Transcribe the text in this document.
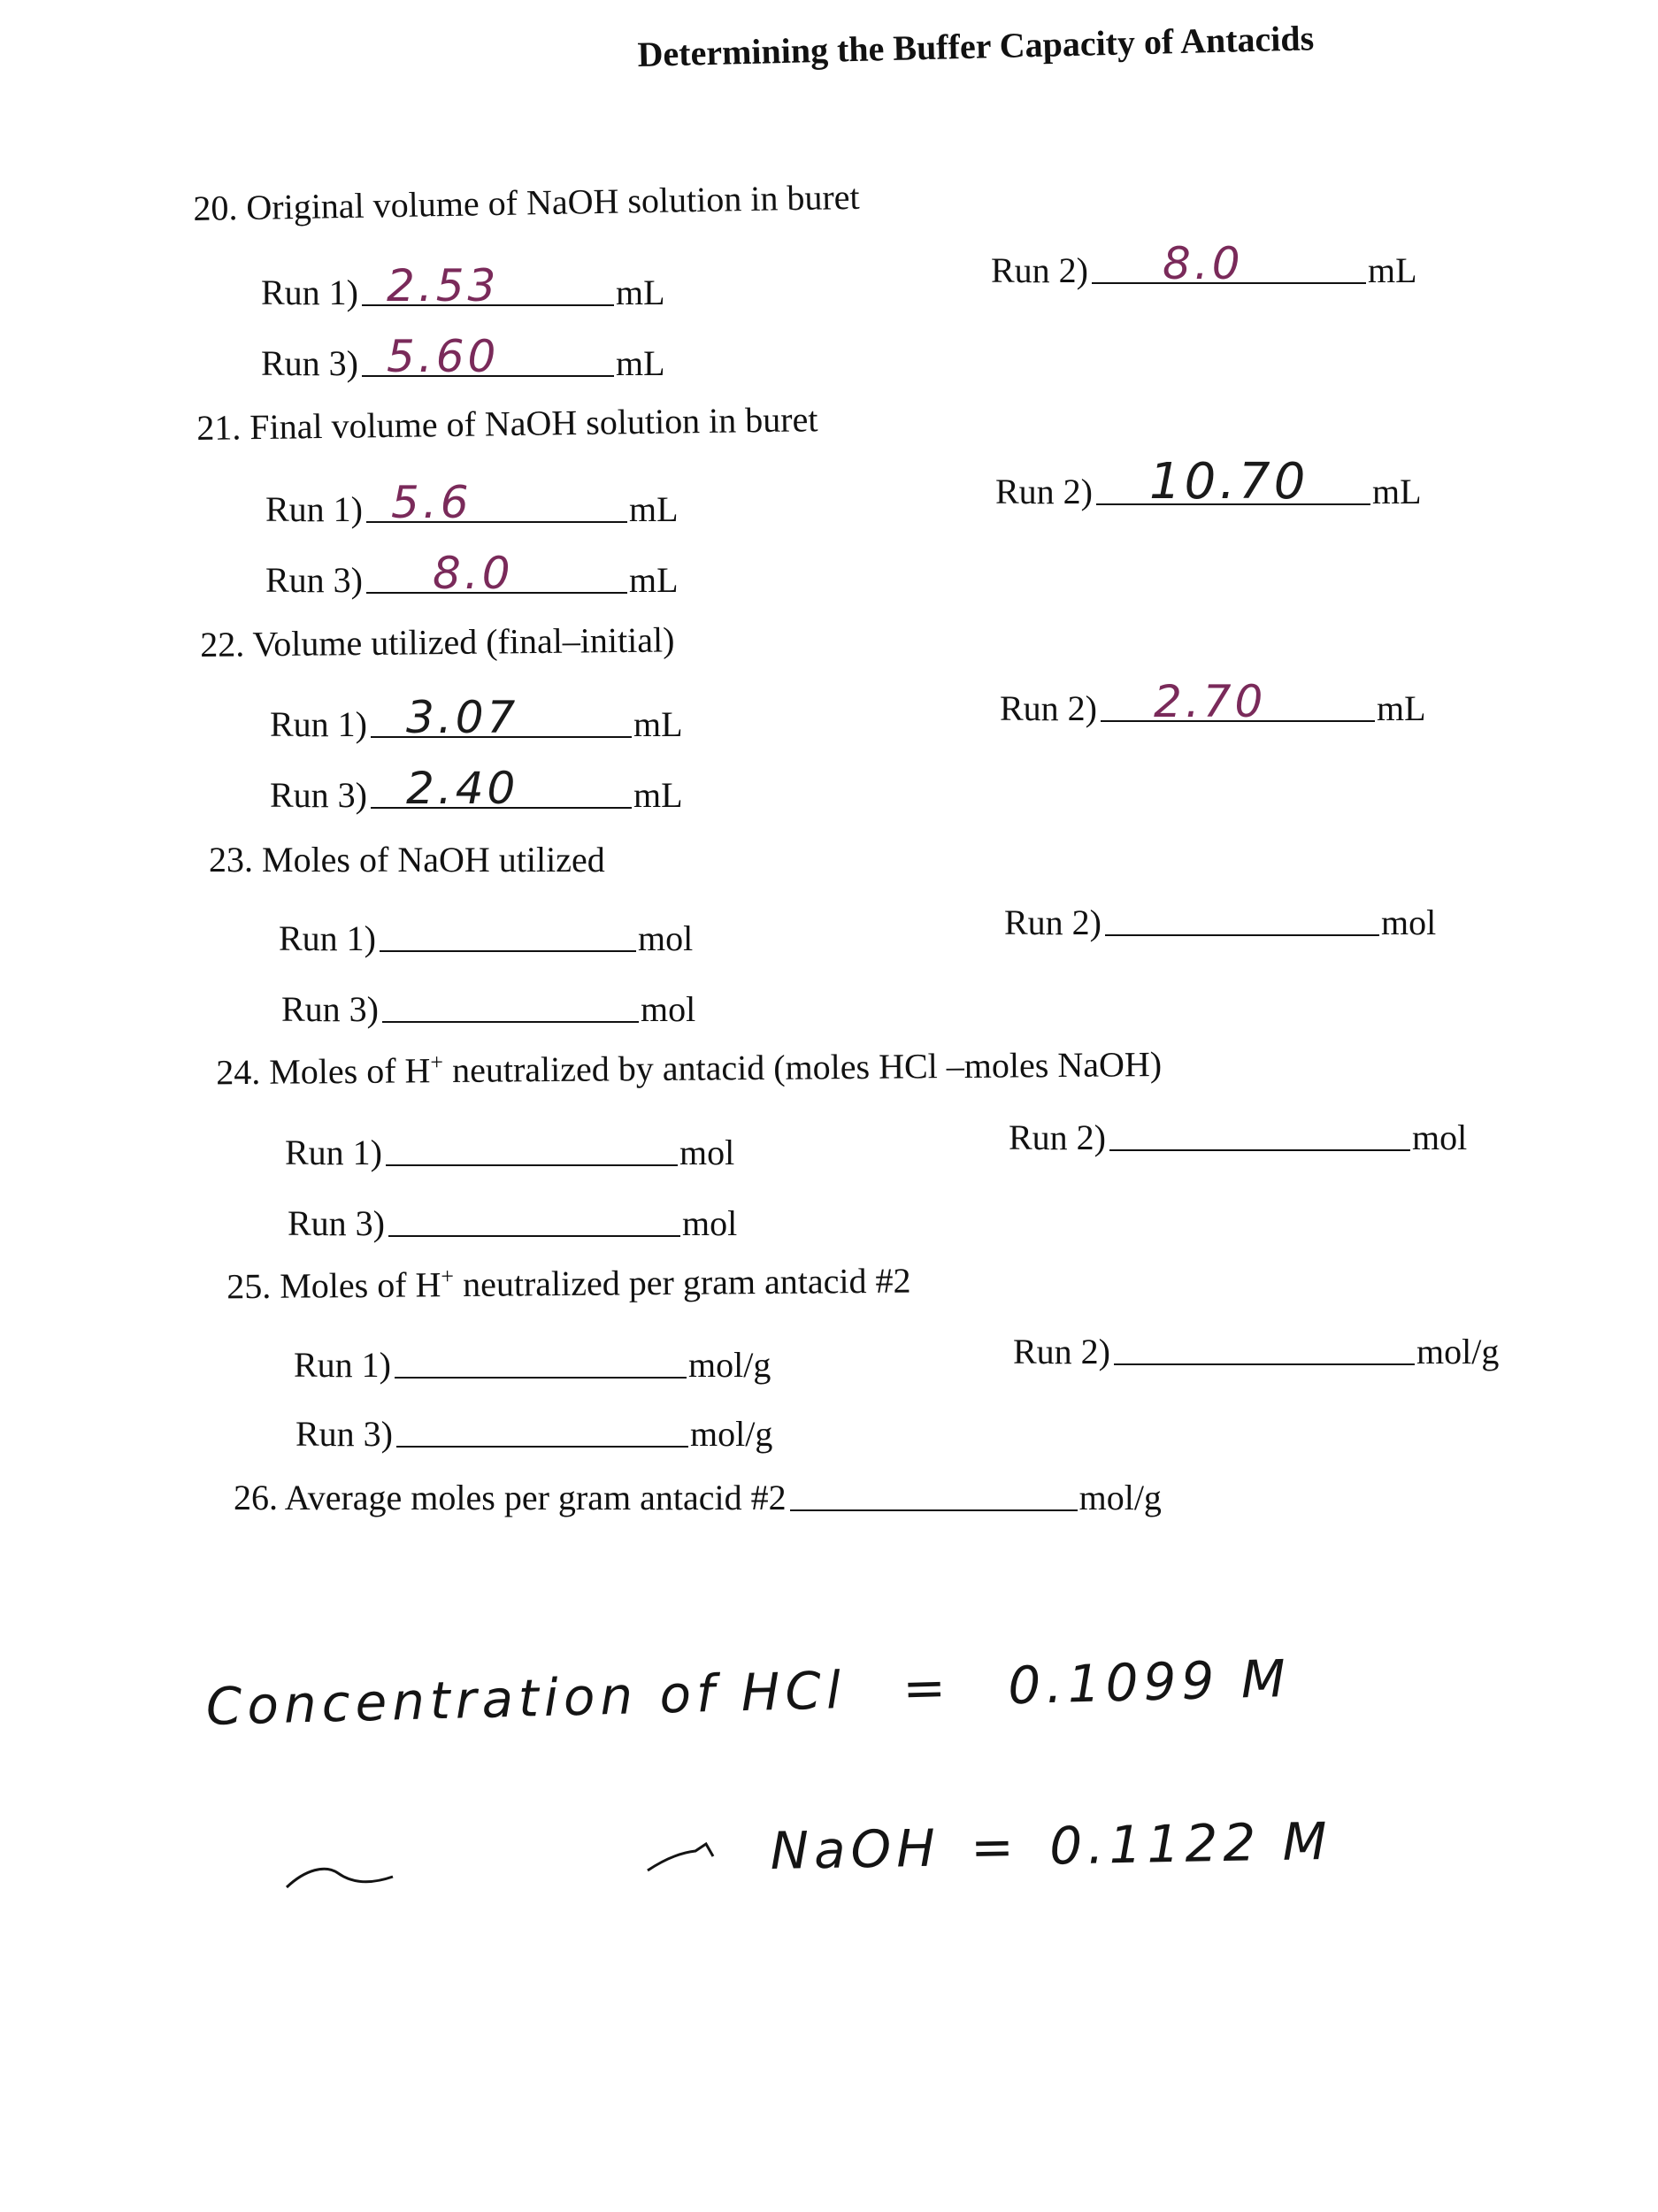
Determining the Buffer Capacity of Antacids
20. Original volume of NaOH solution in buret
Run 1) 2.53	mL
Run 2) 8.0	mL
Run 3) 5.60	mL
21. Final volume of NaOH solution in buret
Run 1) 5.6	mL	Run 2) 10.70 mL
Run 3) 8.0	mL
22. Volume utilized (final–initial)
Run 1) 3.07	mL	Run 2) 2.70	mL
Run 3) 2.40	mL
23. Moles of NaOH utilized
Run 1)	mol	Run 2)	mol
Run 3)	mol
24. Moles of H+ neutralized by antacid (moles HCl –moles NaOH)
Run 1)	mol	Run 2)	mol
Run 3)	mol
25. Moles of H+ neutralized per gram antacid #2
Run 1)	mol/g	Run 2)	mol/g
Run 3)	mol/g
26. Average moles per gram antacid #2	mol/g
Concentration of HCl = 0.1099 M
NaOH = 0.1122 M
